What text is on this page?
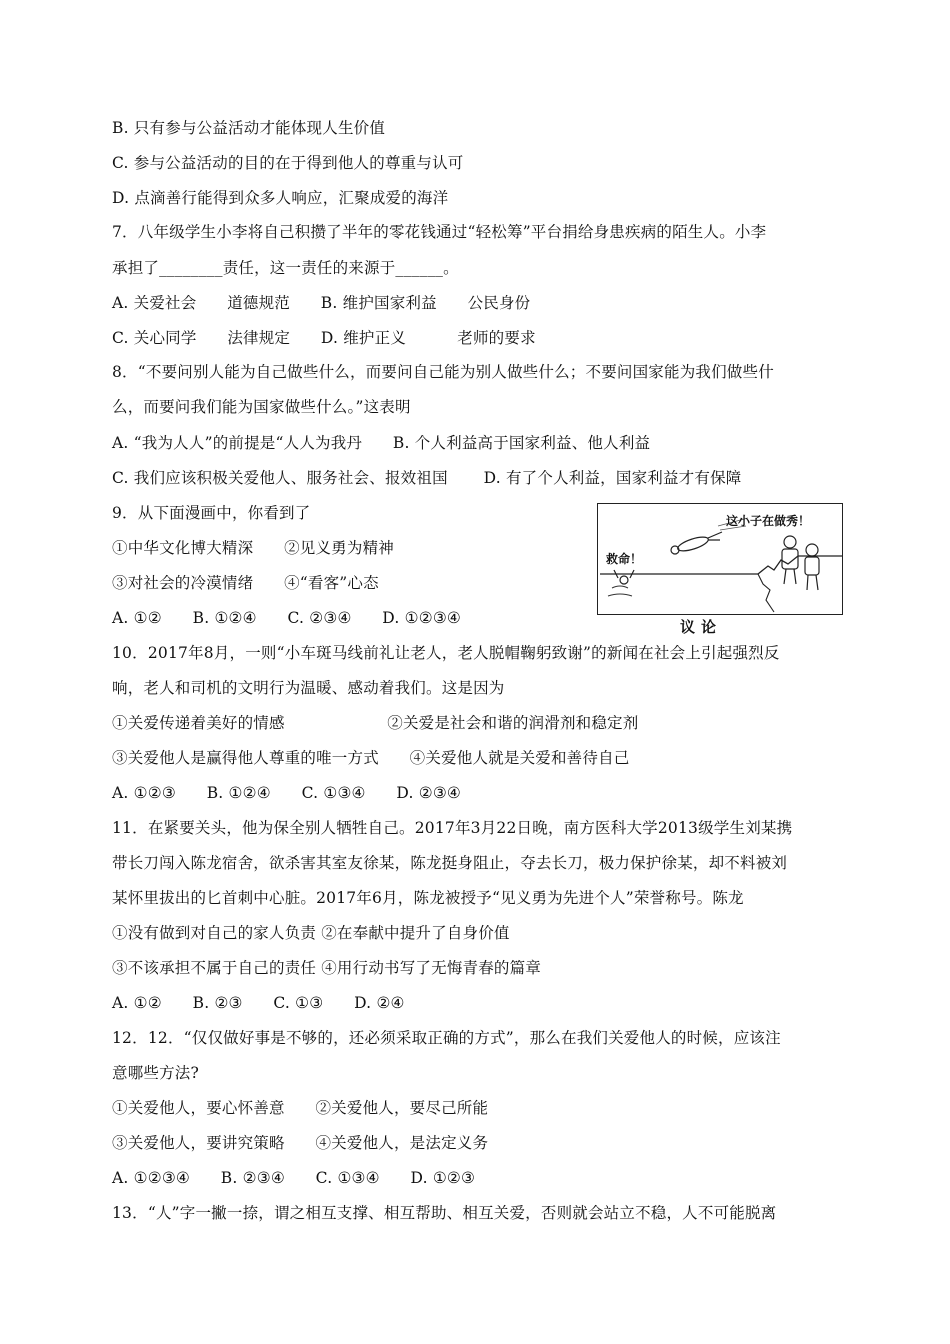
B. 只有参与公益活动才能体现人生价值
C. 参与公益活动的目的在于得到他人的尊重与认可
D. 点滴善行能得到众多人响应，汇聚成爱的海洋
7．八年级学生小李将自己积攒了半年的零花钱通过“轻松筹”平台捐给身患疾病的陌生人。小李
承担了________责任，这一责任的来源于______。
A. 关爱社会      道德规范      B. 维护国家利益      公民身份
C. 关心同学      法律规定      D. 维护正义          老师的要求
8．“不要问别人能为自己做些什么，而要问自己能为别人做些什么；不要问国家能为我们做些什
么，而要问我们能为国家做些什么。”这表明
A. “我为人人”的前提是“人人为我丹      B. 个人利益高于国家利益、他人利益
C. 我们应该积极关爱他人、服务社会、报效祖国       D. 有了个人利益，国家利益才有保障
9．从下面漫画中，你看到了
①中华文化博大精深      ②见义勇为精神
③对社会的冷漠情绪      ④“看客”心态
A. ①②      B. ①②④      C. ②③④      D. ①②③④
这小子在做秀！
救命！
议论
10．2017年8月，一则“小车斑马线前礼让老人，老人脱帽鞠躬致谢”的新闻在社会上引起强烈反
响，老人和司机的文明行为温暖、感动着我们。这是因为
①关爱传递着美好的情感                    ②关爱是社会和谐的润滑剂和稳定剂
③关爱他人是赢得他人尊重的唯一方式      ④关爱他人就是关爱和善待自己
A. ①②③      B. ①②④      C. ①③④      D. ②③④
11．在紧要关头，他为保全别人牺牲自己。2017年3月22日晚，南方医科大学2013级学生刘某携
带长刀闯入陈龙宿舍，欲杀害其室友徐某，陈龙挺身阻止，夺去长刀，极力保护徐某，却不料被刘
某怀里拔出的匕首刺中心脏。2017年6月，陈龙被授予“见义勇为先进个人”荣誉称号。陈龙
①没有做到对自己的家人负责 ②在奉献中提升了自身价值
③不该承担不属于自己的责任 ④用行动书写了无悔青春的篇章
A. ①②      B. ②③      C. ①③      D. ②④
12．12．“仅仅做好事是不够的，还必须采取正确的方式”，那么在我们关爱他人的时候，应该注
意哪些方法?
①关爱他人，要心怀善意      ②关爱他人，要尽己所能
③关爱他人，要讲究策略      ④关爱他人，是法定义务
A. ①②③④      B. ②③④      C. ①③④      D. ①②③
13．“人”字一撇一捺，谓之相互支撑、相互帮助、相互关爱，否则就会站立不稳，人不可能脱离
